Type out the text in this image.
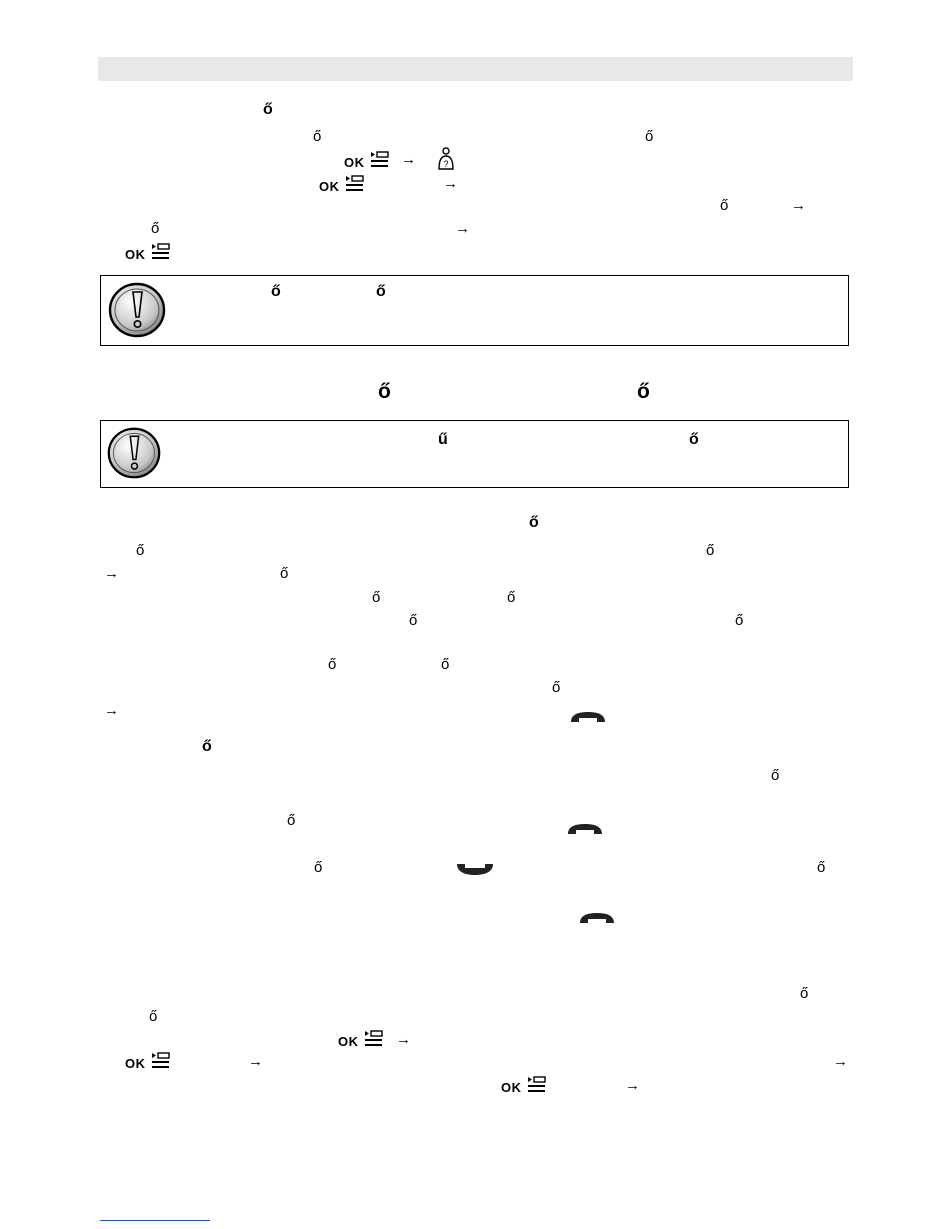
ő
ő	ő
OK →	?
OK	→
ő	→
ő	→
OK
ő	ő
ő	ő
ű	ő
ő
ő	ő
→	ő
ő	ő
ő	ő
ő	ő
ő
→
ő
ő
ő
ő	ő
ő
ő
OK	→
OK	→	→
OK	→
